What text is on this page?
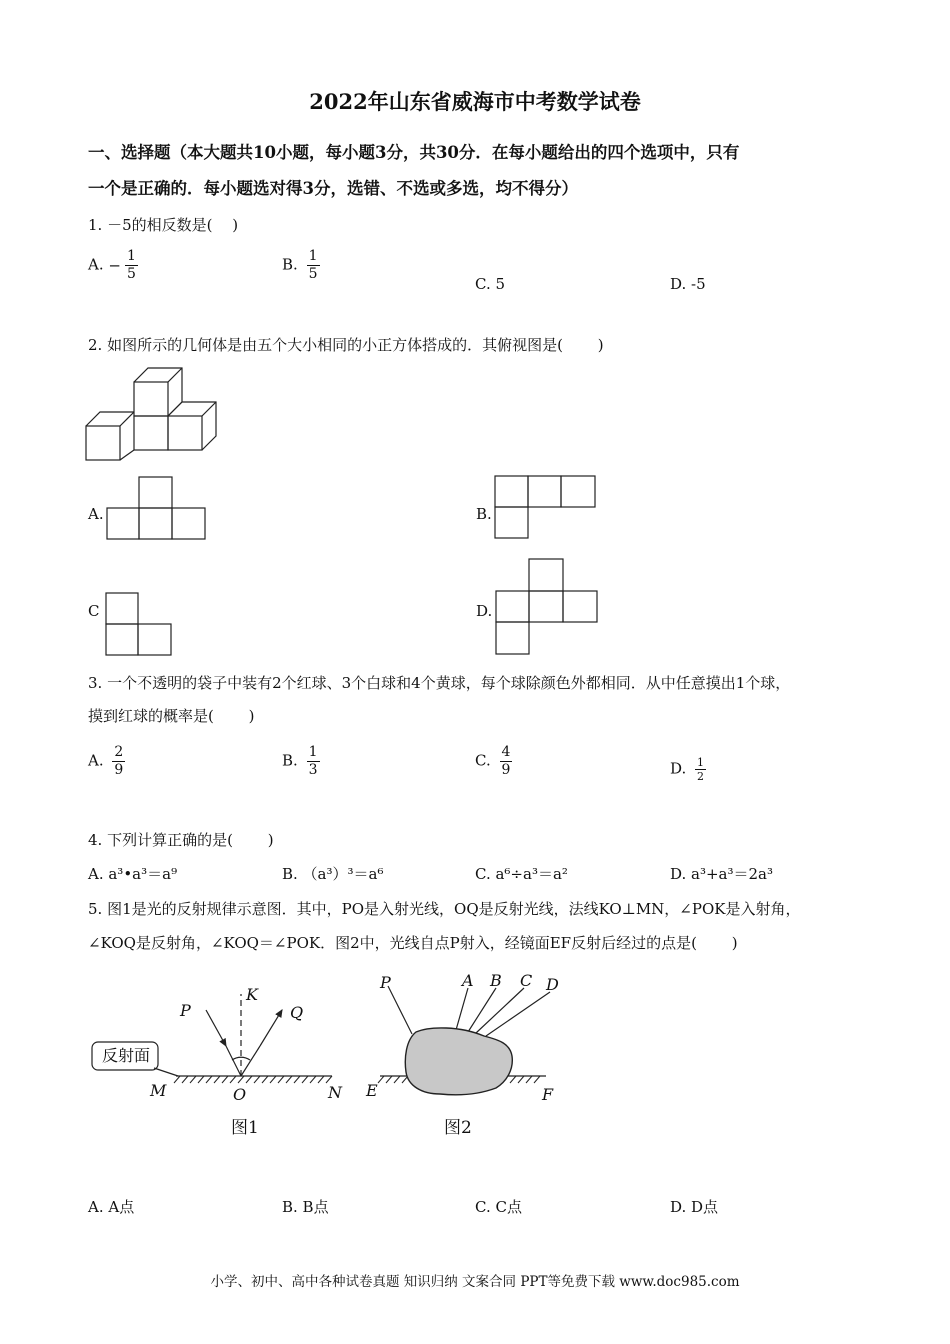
2022年山东省威海市中考数学试卷
一、选择题（本大题共10小题，每小题3分，共30分．在每小题给出的四个选项中，只有
一个是正确的．每小题选对得3分，选错、不选或多选，均不得分）
1. －5的相反数是(　 )
A. − $\frac{1}{5}$	B. $\frac{1}{5}$
C. 5	D. -5
2. 如图所示的几何体是由五个大小相同的小正方体搭成的．其俯视图是(　 　)
A.	B.
C	D.
3. 一个不透明的袋子中装有2个红球、3个白球和4个黄球，每个球除颜色外都相同．从中任意摸出1个球，
摸到红球的概率是(　 　)
A. $\frac{2}{9}$	B. $\frac{1}{3}$	C. $\frac{4}{9}$	D. $\frac{1}{2}$
4. 下列计算正确的是(　 　)
A. a³•a³＝a⁹	B. （a³）³＝a⁶	C. a⁶÷a³＝a²	D. a³+a³＝2a³
5. 图1是光的反射规律示意图．其中，PO是入射光线，OQ是反射光线，法线KO⊥MN，∠POK是入射角，
∠KOQ是反射角，∠KOQ＝∠POK．图2中，光线自点P射入，经镜面EF反射后经过的点是(　 　)
反射面
P
K
Q
M	O	N
图1
P	A B C D
E	F
图2
A. A点	B. B点	C. C点	D. D点
小学、初中、高中各种试卷真题 知识归纳 文案合同 PPT等免费下载 www.doc985.com
